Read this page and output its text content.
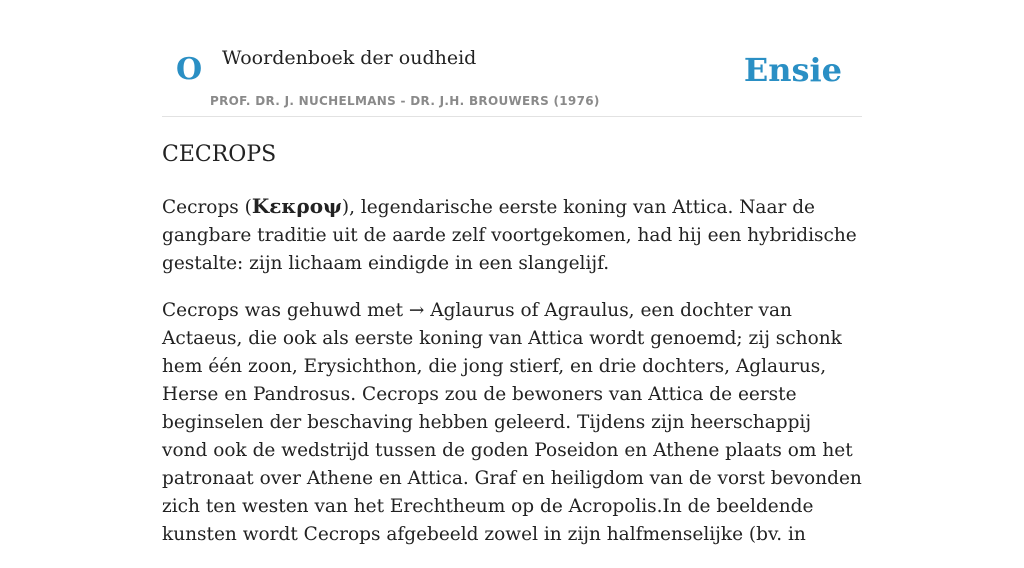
O Woordenboek der oudheid
PROF. DR. J. NUCHELMANS - DR. J.H. BROUWERS (1976)
Ensie
CECROPS

Cecrops (Κεκροψ), legendarische eerste koning van Attica. Naar de gangbare traditie uit de aarde zelf voortgekomen, had hij een hybridische gestalte: zijn lichaam eindigde in een slangelijf.

Cecrops was gehuwd met → Aglaurus of Agraulus, een dochter van Actaeus, die ook als eerste koning van Attica wordt genoemd; zij schonk hem één zoon, Erysichthon, die jong stierf, en drie dochters, Aglaurus, Herse en Pandrosus. Cecrops zou de bewoners van Attica de eerste beginselen der beschaving hebben geleerd. Tijdens zijn heerschappij vond ook de wedstrijd tussen de goden Poseidon en Athene plaats om het patronaat over Athene en Attica. Graf en heiligdom van de vorst bevonden zich ten westen van het Erechtheum op de Acropolis.In de beeldende kunsten wordt Cecrops afgebeeld zowel in zijn halfmenselijke (bv. in
